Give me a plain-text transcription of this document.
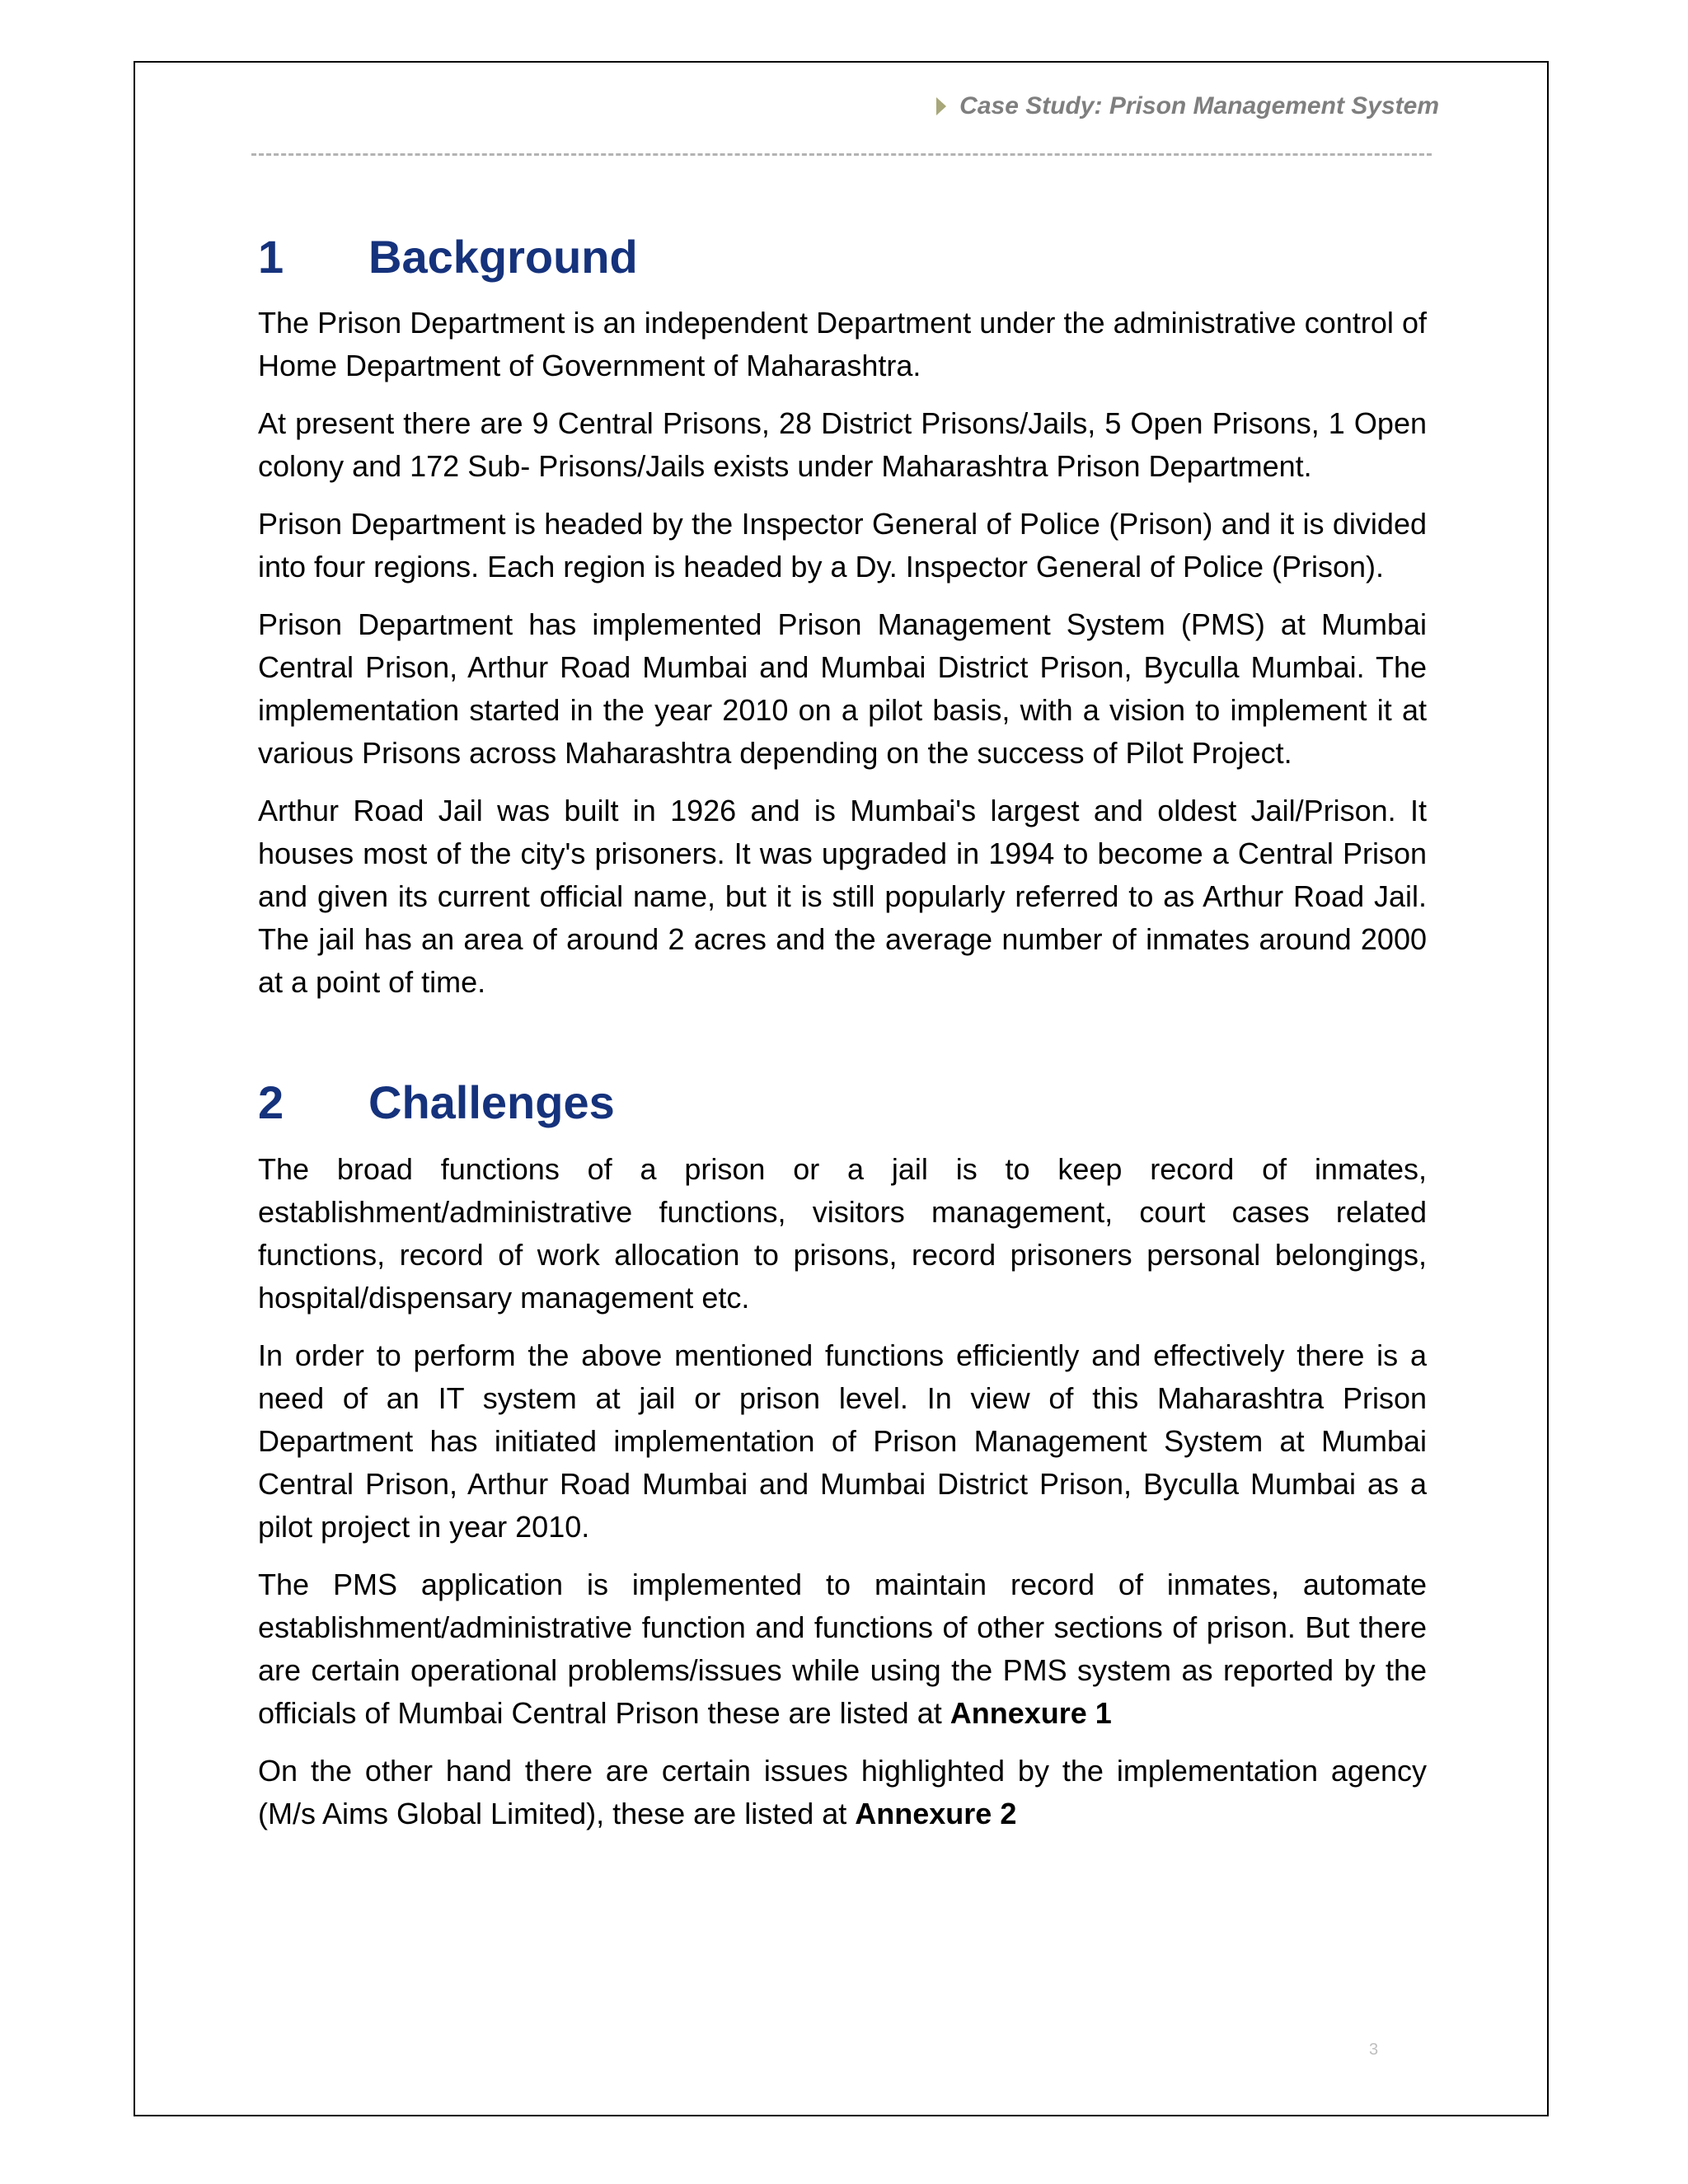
Case Study: Prison Management System
1	Background

The Prison Department is an independent Department under the administrative control of Home Department of Government of Maharashtra.

At present there are 9 Central Prisons, 28 District Prisons/Jails, 5 Open Prisons, 1 Open colony and 172 Sub- Prisons/Jails exists under Maharashtra Prison Department.

Prison Department is headed by the Inspector General of Police (Prison) and it is divided into four regions. Each region is headed by a Dy. Inspector General of Police (Prison).

Prison Department has implemented Prison Management System (PMS) at Mumbai Central Prison, Arthur Road Mumbai and Mumbai District Prison, Byculla Mumbai. The implementation started in the year 2010 on a pilot basis, with a vision to implement it at various Prisons across Maharashtra depending on the success of Pilot Project.

Arthur Road Jail was built in 1926 and is Mumbai's largest and oldest Jail/Prison. It houses most of the city's prisoners. It was upgraded in 1994 to become a Central Prison and given its current official name, but it is still popularly referred to as Arthur Road Jail. The jail has an area of around 2 acres and the average number of inmates around 2000 at a point of time.

2	Challenges

The broad functions of a prison or a jail is to keep record of inmates, establishment/administrative functions, visitors management, court cases related functions, record of work allocation to prisons, record prisoners personal belongings, hospital/dispensary management etc.

In order to perform the above mentioned functions efficiently and effectively there is a need of an IT system at jail or prison level. In view of this Maharashtra Prison Department has initiated implementation of Prison Management System at Mumbai Central Prison, Arthur Road Mumbai and Mumbai District Prison, Byculla Mumbai as a pilot project in year 2010.

The PMS application is implemented to maintain record of inmates, automate establishment/administrative function and functions of other sections of prison. But there are certain operational problems/issues while using the PMS system as reported by the officials of Mumbai Central Prison these are listed at Annexure 1

On the other hand there are certain issues highlighted by the implementation agency (M/s Aims Global Limited), these are listed at Annexure 2

3
